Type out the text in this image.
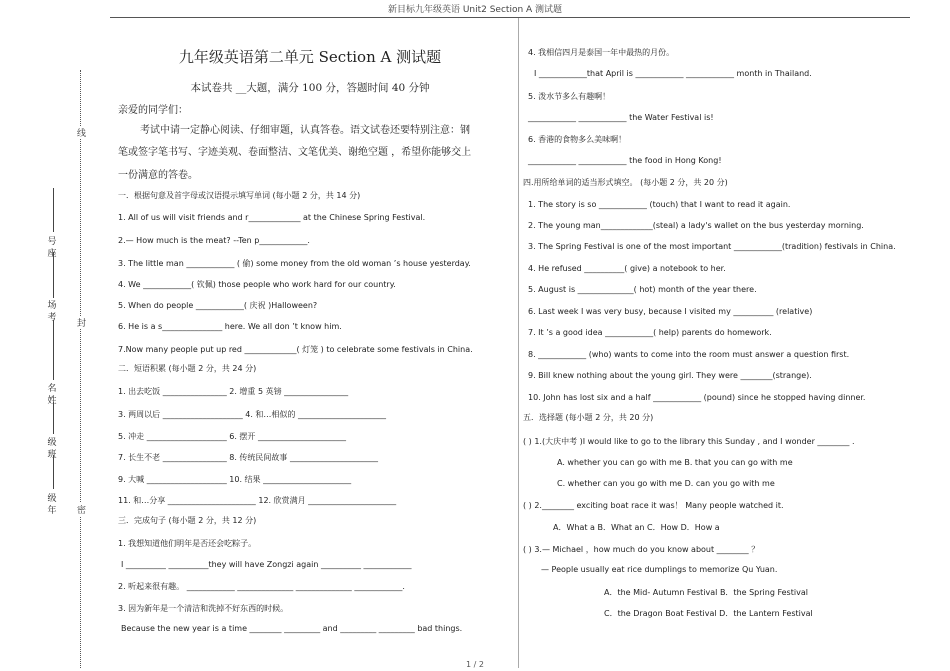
新目标九年级英语 Unit2 Section A 测试题
线
封
密
号
座
场
考
名
姓
级
班
级
年
九年级英语第二单元 Section A 测试题
本试卷共 __大题，满分 100 分，答题时间 40 分钟
亲爱的同学们：
考试中请一定静心阅读、仔细审题，认真答卷。语文试卷还要特别注意：钢
笔或签字笔书写、字迹美观、卷面整洁、文笔优美、谢绝空题 ，希望你能够交上
一份满意的答卷。
一．根据句意及首字母或汉语提示填写单词 (每小题 2 分，共 14 分)
1. All of us will visit friends and r_____________ at the Chinese Spring Festival.
2.— How much is the meat? --Ten p____________.
3. The little man ____________ ( 偷) some money from the old woman ’s house yesterday.
4. We ____________( 钦佩) those people who work hard for our country.
5. When do people ____________( 庆祝 )Halloween?
6. He is a s_______________ here. We all don ’t know him.
7.Now many people put up red _____________( 灯笼 ) to celebrate some festivals in China.
二．短语积累 (每小题 2 分，共 24 分)
1. 出去吃饭 ________________ 2. 增重 5 英镑 ________________
3. 两周以后 ____________________ 4. 和…相似的 ______________________
5. 冲走 ____________________ 6. 摆开 ______________________
7. 长生不老 ________________ 8. 传统民间故事 ______________________
9. 大喊 ____________________ 10. 结果 ______________________
11. 和…分享 ______________________ 12. 欣赏满月 ______________________
三．完成句子 (每小题 2 分，共 12 分)
1. 我想知道他们明年是否还会吃粽子。
I __________ __________they will have Zongzi again __________ ____________
2. 听起来很有趣。 ____________ ______________ ______________ ____________.
3. 因为新年是一个清洁和洗掉不好东西的时候。
Because the new year is a time ________ _________ and _________ _________ bad things.
4. 我相信四月是泰国一年中最热的月份。
I ____________that April is ____________ ____________ month in Thailand.
5. 泼水节多么有趣啊！
____________ ____________ the Water Festival is!
6. 香港的食物多么美味啊！
____________ ____________ the food in Hong Kong!
四.用所给单词的适当形式填空。 (每小题 2 分，共 20 分)
1. The story is so ____________ (touch) that I want to read it again.
2. The young man_____________(steal) a lady's wallet on the bus yesterday morning.
3. The Spring Festival is one of the most important ____________(tradition) festivals in China.
4. He refused __________( give) a notebook to her.
5. August is ______________( hot) month of the year there.
6. Last week I was very busy, because I visited my __________ (relative)
7. It ’s a good idea ____________( help) parents do homework.
8. ____________ (who) wants to come into the room must answer a question first.
9. Bill knew nothing about the young girl. They were ________(strange).
10. John has lost six and a half ____________ (pound) since he stopped having dinner.
五．选择题 (每小题 2 分，共 20 分)
( ) 1.(大庆中考 )I would like to go to the library this Sunday , and I wonder ________ .
A. whether you can go with me B. that you can go with me
C. whether can you go with me D. can you go with me
( ) 2.________ exciting boat race it was！ Many people watched it.
A．What a B．What an C．How D．How a
( ) 3.— Michael ，how much do you know about ________ ？
— People usually eat rice dumplings to memorize Qu Yuan.
A．the Mid- Autumn Festival B．the Spring Festival
C．the Dragon Boat Festival D．the Lantern Festival
1 / 2
